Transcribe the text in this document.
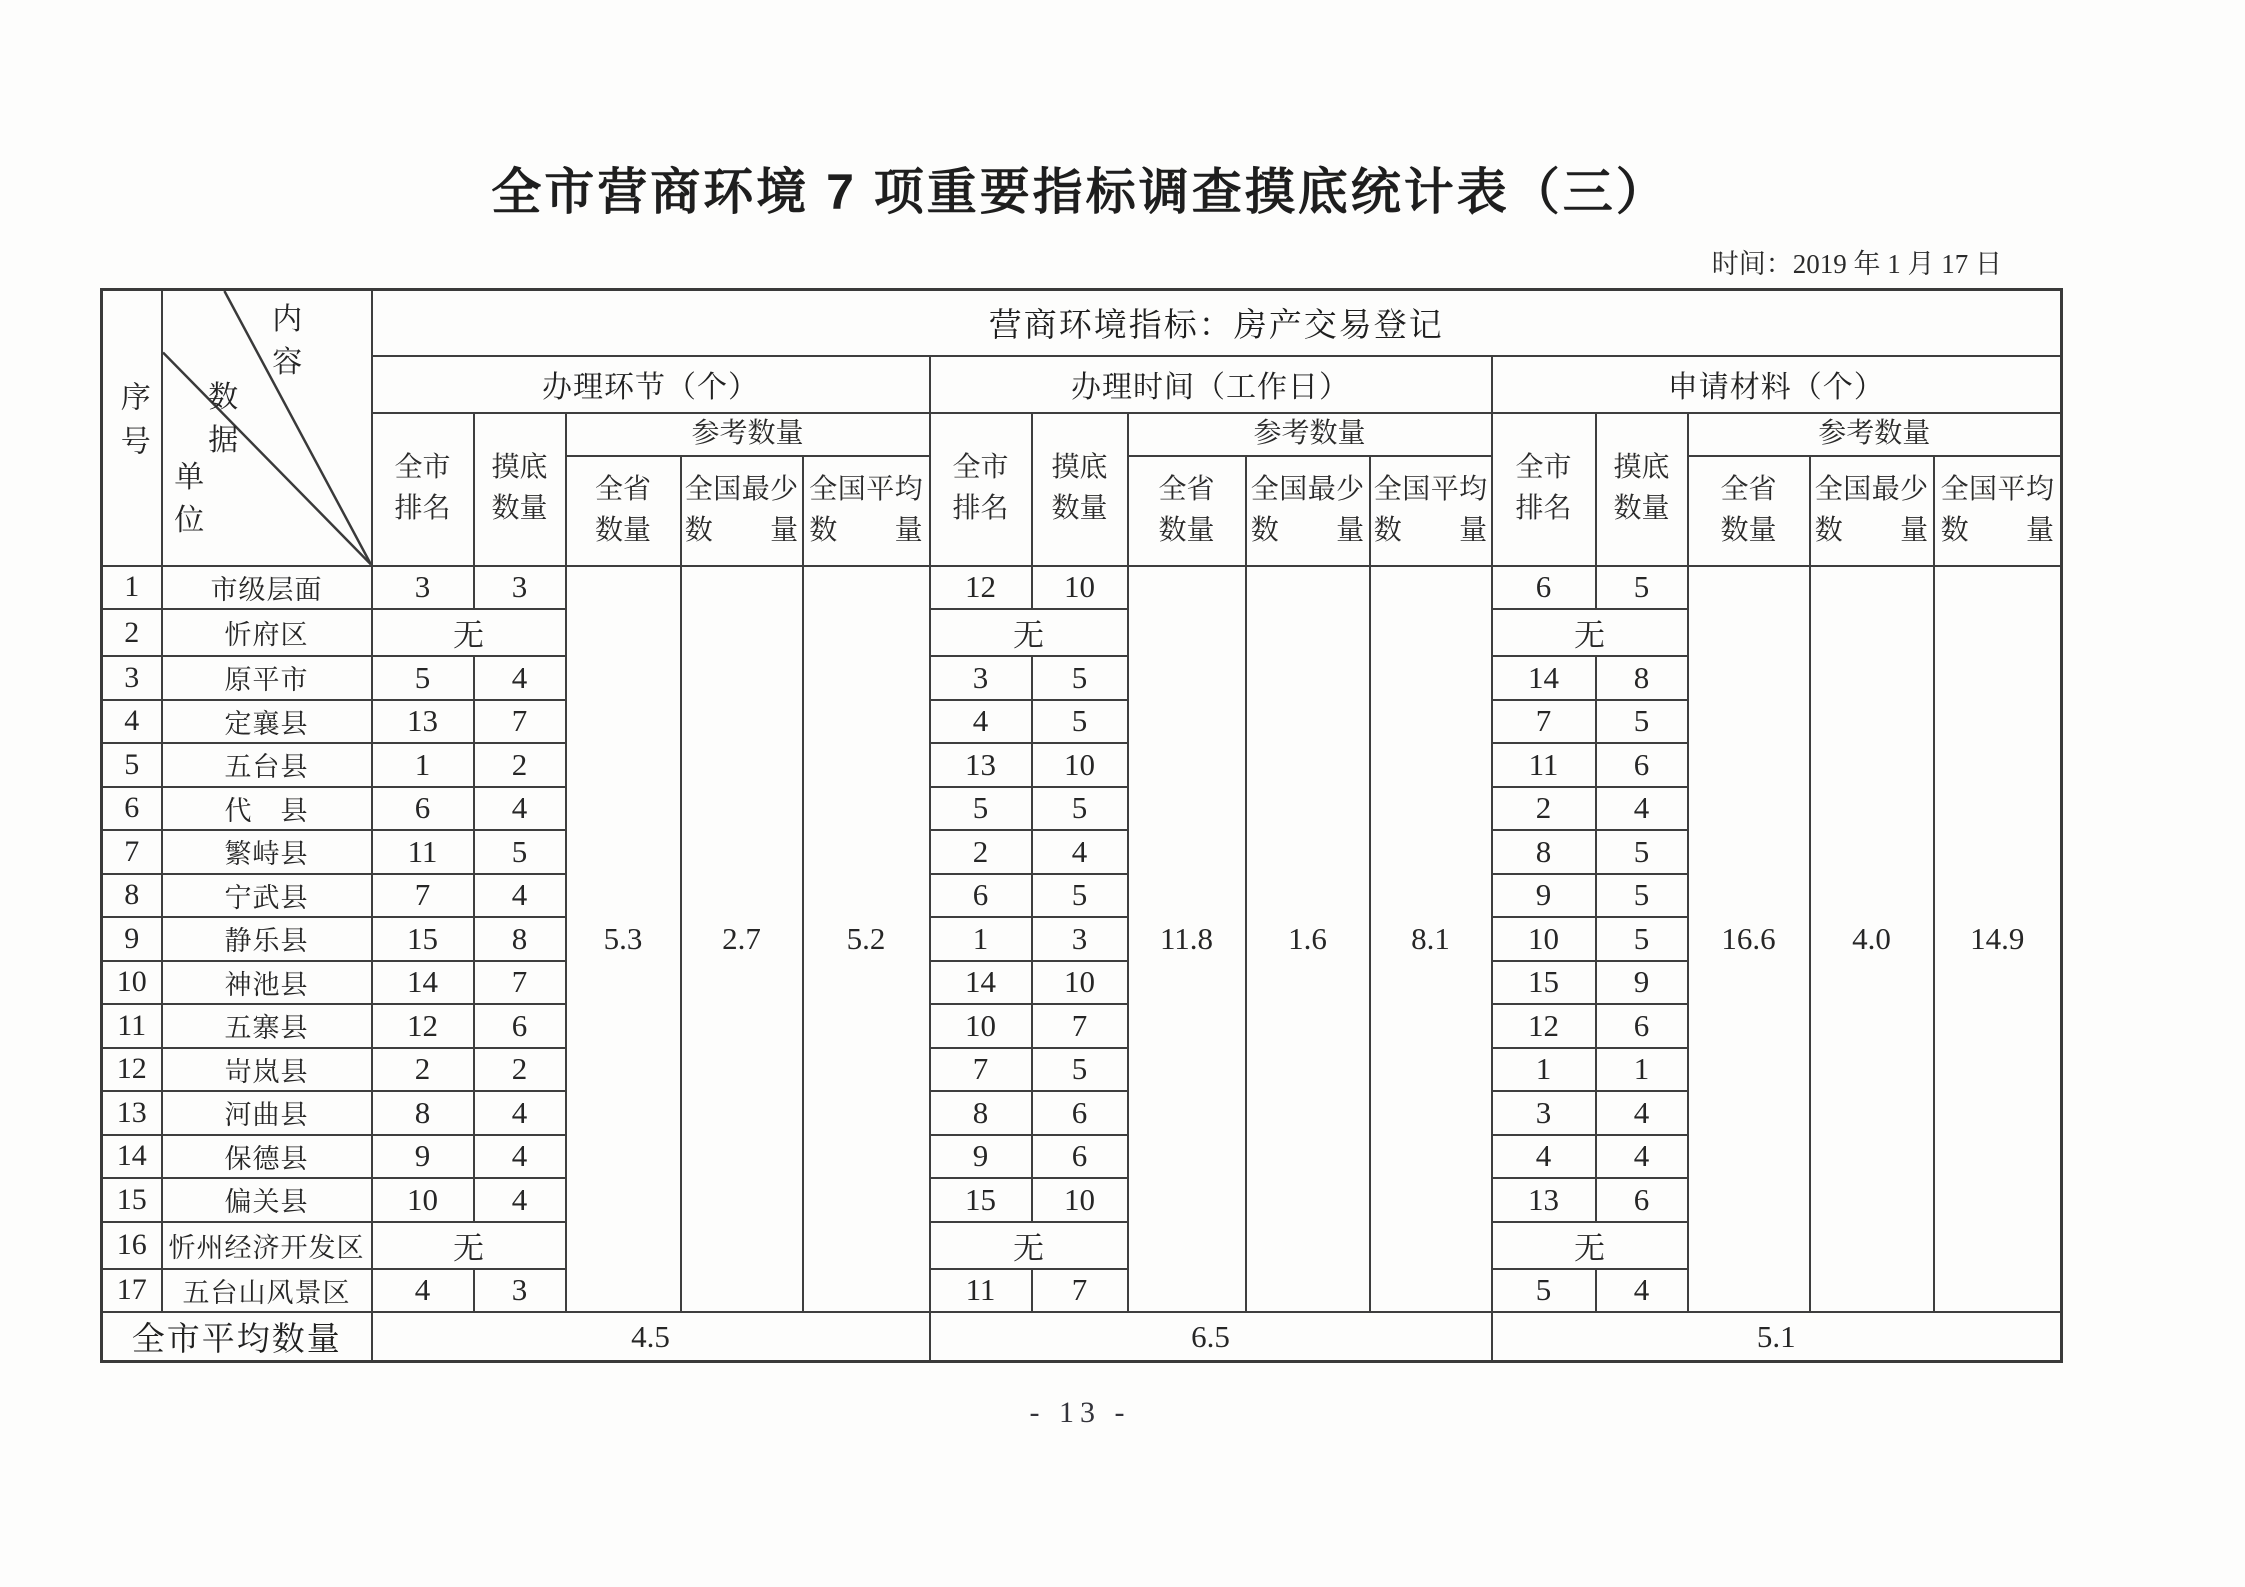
全市营商环境 7 项重要指标调查摸底统计表（三）
时间：2019 年 1 月 17 日
序号	内容
数据
单位	营商环境指标：房产交易登记														
		办理环节（个）					办理时间（工作日）					申请材料（个）				
		全市排名	摸底数量	参考数量			全市排名	摸底数量	参考数量			全市排名	摸底数量	参考数量		
				全省数量	全国最少数量	全国平均数量			全省数量	全国最少数量	全国平均数量			全省数量	全国最少数量	全国平均数量
1	市级层面	3	3	5.3	2.7	5.2	12	10	11.8	1.6	8.1	6	5	16.6	4.0	14.9
2	忻府区	无					无					无				
3	原平市	5	4				3	5				14	8			
4	定襄县	13	7				4	5				7	5			
5	五台县	1	2				13	10				11	6			
6	代　县	6	4				5	5				2	4			
7	繁峙县	11	5				2	4				8	5			
8	宁武县	7	4				6	5				9	5			
9	静乐县	15	8				1	3				10	5			
10	神池县	14	7				14	10				15	9			
11	五寨县	12	6				10	7				12	6			
12	岢岚县	2	2				7	5				1	1			
13	河曲县	8	4				8	6				3	4			
14	保德县	9	4				9	6				4	4			
15	偏关县	10	4				15	10				13	6			
16	忻州经济开发区	无					无					无				
17	五台山风景区	4	3				11	7				5	4			
全市平均数量		4.5					6.5					5.1				
- 13 -
